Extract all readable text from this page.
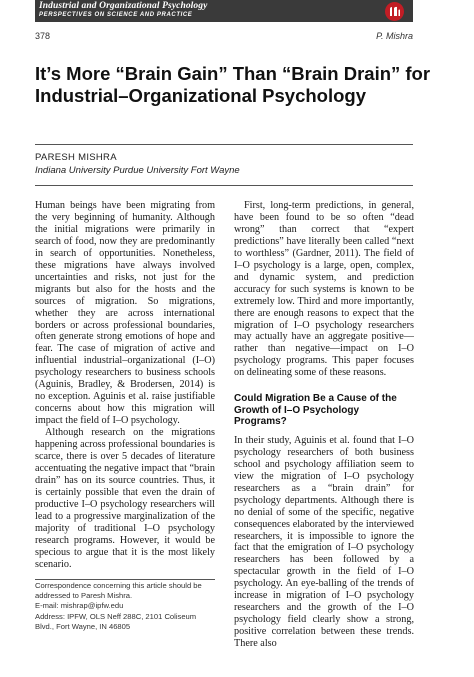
Industrial and Organizational Psychology
PERSPECTIVES ON SCIENCE AND PRACTICE
378	P. Mishra
It’s More “Brain Gain” Than “Brain Drain” for Industrial–Organizational Psychology
PARESH MISHRA
Indiana University Purdue University Fort Wayne

Human beings have been migrating from the very beginning of humanity. Although the initial migrations were primarily in search of food, now they are predominantly in search of opportunities. Nonetheless, these migrations have always involved uncertainties and risks, not just for the migrants but also for the hosts and the sources of migration. So migrations, whether they are across international borders or across professional boundaries, often generate strong emotions of hope and fear. The case of migration of active and influential industrial–organizational (I–O) psychology researchers to business schools (Aguinis, Bradley, & Brodersen, 2014) is no exception. Aguinis et al. raise justifiable concerns about how this migration will impact the field of I–O psychology.

Although research on the migrations happening across professional boundaries is scarce, there is over 5 decades of literature accentuating the negative impact that “brain drain” has on its source countries. Thus, it is certainly possible that even the drain of productive I–O psychology researchers will lead to a progressive marginalization of the majority of traditional I–O psychology research programs. However, it would be specious to argue that it is the most likely scenario.

First, long-term predictions, in general, have been found to be so often “dead wrong” than correct that “expert predictions” have literally been called “next to worthless” (Gardner, 2011). The field of I–O psychology is a large, open, complex, and dynamic system, and prediction accuracy for such systems is known to be extremely low. Third and more importantly, there are enough reasons to expect that the migration of I–O psychology researchers may actually have an aggregate positive—rather than negative—impact on I–O psychology programs. This paper focuses on delineating some of these reasons.

Could Migration Be a Cause of the Growth of I–O Psychology Programs?

In their study, Aguinis et al. found that I–O psychology researchers of both business school and psychology affiliation seem to view the migration of I–O psychology researchers as a “brain drain” for psychology departments. Although there is no denial of some of the specific, negative consequences elaborated by the interviewed researchers, it is impossible to ignore the fact that the emigration of I–O psychology researchers has been followed by a spectacular growth in the field of I–O psychology. An eye-balling of the trends of increase in migration of I–O psychology researchers and the growth of the I–O psychology field clearly show a strong, positive correlation between these trends. There also

Correspondence concerning this article should be
addressed to Paresh Mishra.
E-mail: mishrap@ipfw.edu
Address: IPFW, OLS Neff 288C, 2101 Coliseum
Blvd., Fort Wayne, IN 46805
